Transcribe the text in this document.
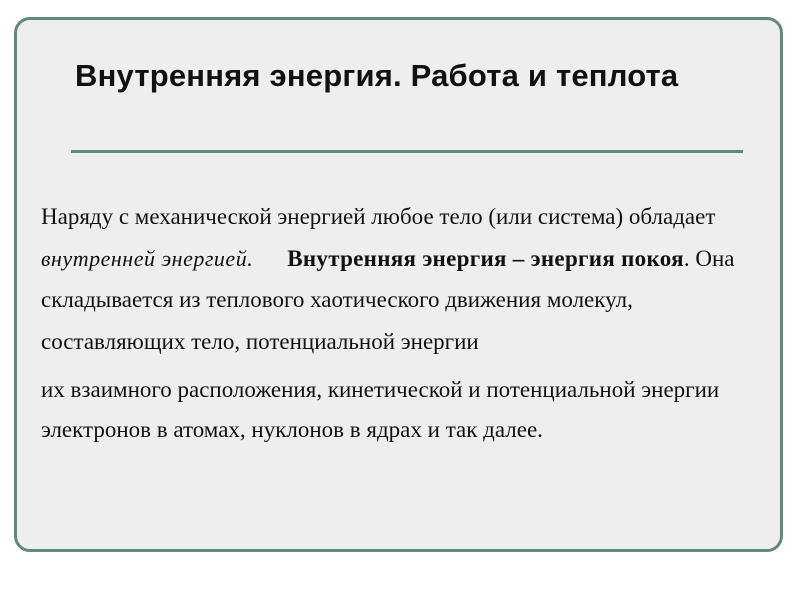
Внутренняя энергия. Работа и теплота

Наряду с механической энергией любое тело (или система) обладает внутренней энергией. Внутренняя энергия – энергия покоя. Она складывается из теплового хаотического движения молекул, составляющих тело, потенциальной энергии

их взаимного расположения, кинетической и потенциальной энергии электронов в атомах, нуклонов в ядрах и так далее.
